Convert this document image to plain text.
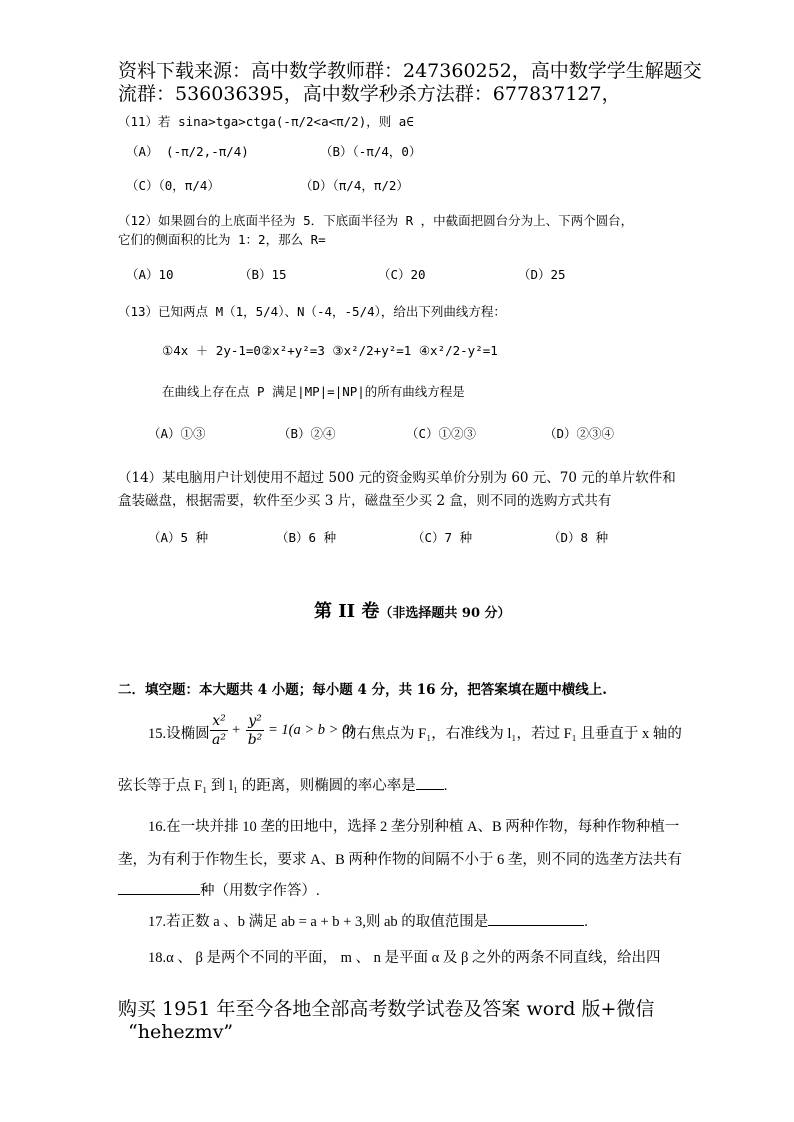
资料下载来源：高中数学教师群：247360252，高中数学学生解题交
流群：536036395，高中数学秒杀方法群：677837127，
（11）若 sina>tga>ctga(-π/2<a<π/2)，则 a∈
（A） (-π/2,-π/4)	（B）（-π/4，0）
（C）（0，π/4）	（D）（π/4，π/2）
（12）如果圆台的上底面半径为 5．下底面半径为 R ，中截面把圆台分为上、下两个圆台，
它们的侧面积的比为 1：2，那么 R=
（A）10	（B）15	（C）20	（D）25
（13）已知两点 M（1，5/4）、N（-4，-5/4），给出下列曲线方程：
①4x ＋ 2y-1=0②x²+y²=3 ③x²/2+y²=1 ④x²/2-y²=1
在曲线上存在点 P 满足|MP|=|NP|的所有曲线方程是
（A）①③	（B）②④	（C）①②③	（D）②③④
（14）某电脑用户计划使用不超过 500 元的资金购买单价分别为 60 元、70 元的单片软件和
盒装磁盘，根据需要，软件至少买 3 片，磁盘至少买 2 盒，则不同的选购方式共有
（A）5 种	（B）6 种	（C）7 种	（D）8 种
第 II 卷（非选择题共 90 分）
二．填空题：本大题共 4 小题；每小题 4 分，共 16 分，把答案填在题中横线上.
15.设椭圆
x²
a²
+
y²
b²
= 1(a > b > 0)
的右焦点为 F₁，右准线为 l₁，若过 F₁ 且垂直于 x 轴的
弦长等于点 F₁ 到 l₁ 的距离，则椭圆的率心率是 .
16.在一块并排 10 垄的田地中，选择 2 垄分别种植 A、B 两种作物，每种作物种植一
垄，为有利于作物生长，要求 A、B 两种作物的间隔不小于 6 垄，则不同的选垄方法共有
种（用数字作答）.
17.若正数 a 、b 满足 ab = a + b + 3,则 ab 的取值范围是	.
18.α 、 β 是两个不同的平面， m 、 n 是平面 α 及 β 之外的两条不同直线，给出四
购买 1951 年至今各地全部高考数学试卷及答案 word 版+微信
“hehezmv”
